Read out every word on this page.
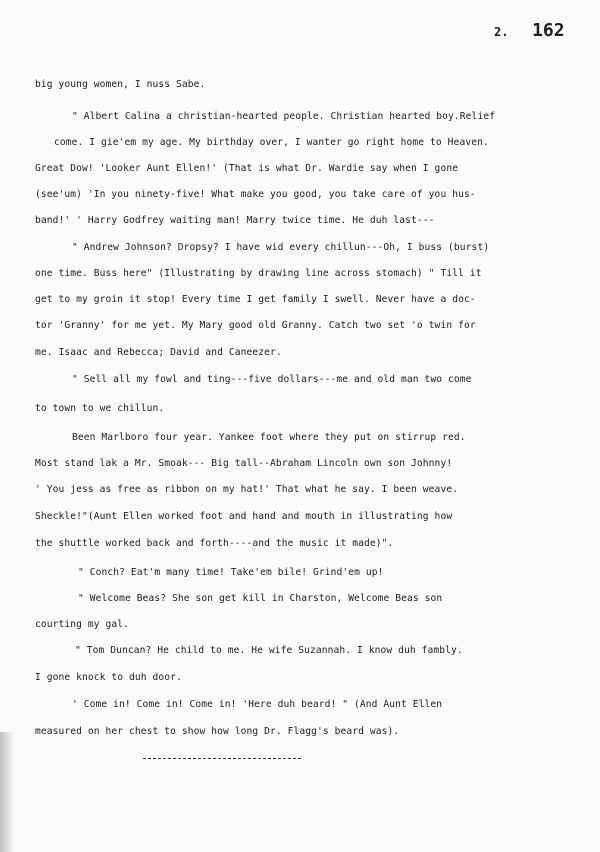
2. 162
big young women, I nuss Sabe.
" Albert Calina a christian-hearted people. Christian hearted boy.Relief
come. I gie'em my age. My birthday over, I wanter go right home to Heaven.
Great Dow! 'Looker Aunt Ellen!' (That is what Dr. Wardie say when I gone
(see'um) 'In you ninety-five! What make you good, you take care of you hus-
band!' ' Harry Godfrey waiting man! Marry twice time. He duh last---
" Andrew Johnson? Dropsy? I have wid every chillun---Oh, I buss (burst)
one time. Buss here" (Illustrating by drawing line across stomach) " Till it
get to my groin it stop! Every time I get family I swell. Never have a doc-
tor 'Granny' for me yet. My Mary good old Granny. Catch two set 'o twin for
me. Isaac and Rebecca; David and Caneezer.
" Sell all my fowl and ting---five dollars---me and old man two come
to town to we chillun.
Been Marlboro four year. Yankee foot where they put on stirrup red.
Most stand lak a Mr. Smoak--- Big tall--Abraham Lincoln own son Johnny!
' You jess as free as ribbon on my hat!' That what he say. I been weave.
Sheckle!"(Aunt Ellen worked foot and hand and mouth in illustrating how
the shuttle worked back and forth----and the music it made)".
" Conch? Eat'm many time! Take'em bile! Grind'em up!
" Welcome Beas? She son get kill in Charston, Welcome Beas son
courting my gal.
" Tom Duncan? He child to me. He wife Suzannah. I know duh fambly.
I gone knock to duh door.
' Come in! Come in! Come in! 'Here duh beard! " (And Aunt Ellen
measured on her chest to show how long Dr. Flagg's beard was).
